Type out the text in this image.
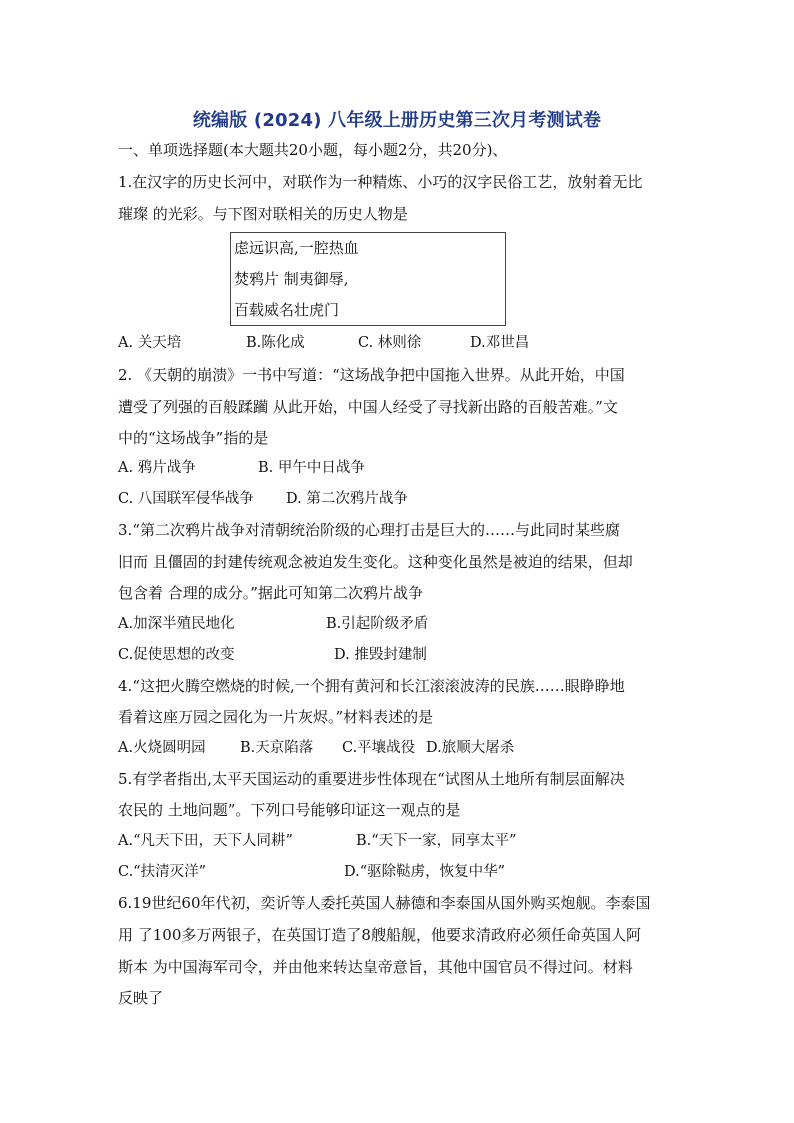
统编版 (2024) 八年级上册历史第三次月考测试卷
一、单项选择题(本大题共20小题，每小题2分，共20分)、
1.在汉字的历史长河中，对联作为一种精炼、小巧的汉字民俗工艺，放射着无比
璀璨 的光彩。与下图对联相关的历史人物是
虑远识高,一腔热血
焚鸦片 制夷御辱,
百载威名壮虎门
A. 关天培	B.陈化成	C. 林则徐	D.邓世昌
2. 《天朝的崩溃》一书中写道：“这场战争把中国拖入世界。从此开始，中国
遭受了列强的百般蹂躏 从此开始，中国人经受了寻找新出路的百般苦难。”文
中的“这场战争”指的是
A. 鸦片战争	B. 甲午中日战争
C. 八国联军侵华战争 D. 第二次鸦片战争
3.“第二次鸦片战争对清朝统治阶级的心理打击是巨大的……与此同时某些腐
旧而 且僵固的封建传统观念被迫发生变化。这种变化虽然是被迫的结果，但却
包含着 合理的成分。”据此可知第二次鸦片战争
A.加深半殖民地化	B.引起阶级矛盾
C.促使思想的改变	D. 推毁封建制
4.“这把火腾空燃烧的时候,一个拥有黄河和长江滚滚波涛的民族……眼睁睁地
看着这座万园之园化为一片灰烬。”材料表述的是
A.火烧圆明园 B.天京陷落 C.平壤战役 D.旅顺大屠杀
5.有学者指出,太平天国运动的重要进步性体现在“试图从土地所有制层面解决
农民的 土地问题”。下列口号能够印证这一观点的是
A.“凡天下田，天下人同耕”	B.“天下一家，同享太平”
C.“扶清灭洋”	D.“驱除鞑虏，恢复中华”
6.19世纪60年代初，奕䜣等人委托英国人赫德和李泰国从国外购买炮舰。李泰国
用 了100多万两银子，在英国订造了8艘船舰，他要求清政府必须任命英国人阿
斯本 为中国海军司令，并由他来转达皇帝意旨，其他中国官员不得过问。材料
反映了
